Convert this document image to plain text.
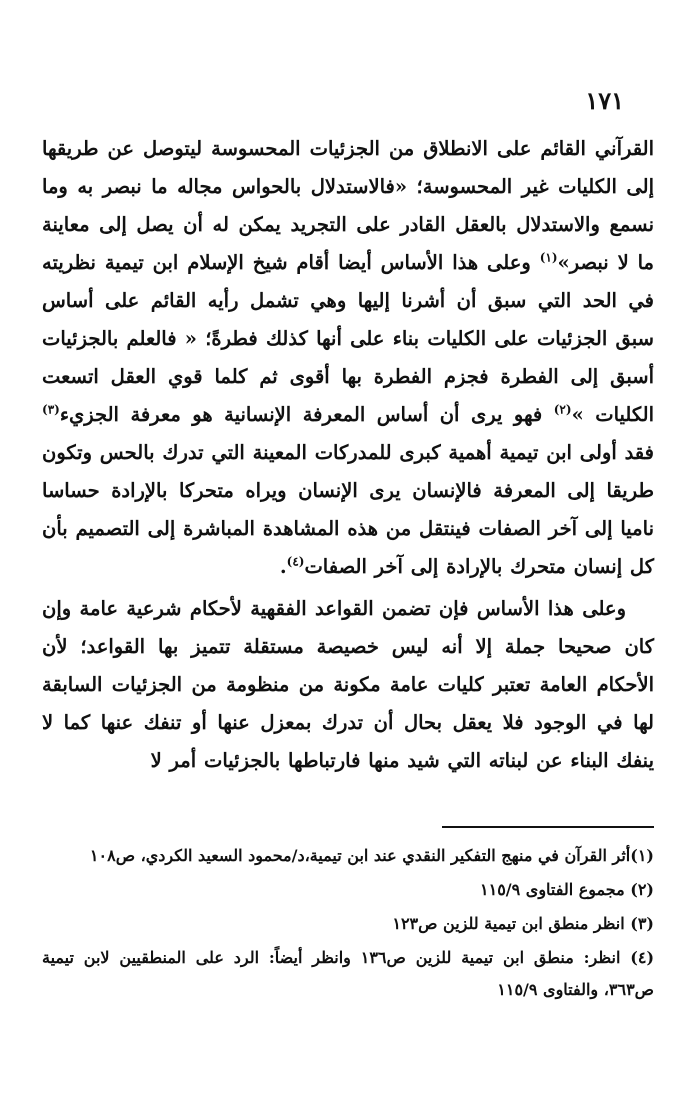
١٧١

القرآني القائم على الانطلاق من الجزئيات المحسوسة ليتوصل عن طريقها إلى الكليات غير المحسوسة؛ «فالاستدلال بالحواس مجاله ما نبصر به وما نسمع والاستدلال بالعقل القادر على التجريد يمكن له أن يصل إلى معاينة ما لا نبصر»$^{(١)}$ وعلى هذا الأساس أيضا أقام شيخ الإسلام ابن تيمية نظريته في الحد التي سبق أن أشرنا إليها وهي تشمل رأيه القائم على أساس سبق الجزئيات على الكليات بناء على أنها كذلك فطرةً؛ « فالعلم بالجزئيات أسبق إلى الفطرة فجزم الفطرة بها أقوى ثم كلما قوي العقل اتسعت الكليات »$^{(٢)}$ فهو يرى أن أساس المعرفة الإنسانية هو معرفة الجزيء$^{(٣)}$ فقد أولى ابن تيمية أهمية كبرى للمدركات المعينة التي تدرك بالحس وتكون طريقا إلى المعرفة فالإنسان يرى الإنسان ويراه متحركا بالإرادة حساسا ناميا إلى آخر الصفات فينتقل من هذه المشاهدة المباشرة إلى التصميم بأن كل إنسان متحرك بالإرادة إلى آخر الصفات$^{(٤)}$.

وعلى هذا الأساس فإن تضمن القواعد الفقهية لأحكام شرعية عامة وإن كان صحيحا جملة إلا أنه ليس خصيصة مستقلة تتميز بها القواعد؛ لأن الأحكام العامة تعتبر كليات عامة مكونة من منظومة من الجزئيات السابقة لها في الوجود فلا يعقل بحال أن تدرك بمعزل عنها أو تنفك عنها كما لا ينفك البناء عن لبناته التي شيد منها فارتباطها بالجزئيات أمر لا

(١)أثر القرآن في منهج التفكير النقدي عند ابن تيمية،د/محمود السعيد الكردي، ص١٠٨

(٢) مجموع الفتاوى ١١٥/٩

(٣) انظر منطق ابن تيمية للزين ص١٢٣

(٤) انظر: منطق ابن تيمية للزين ص١٣٦ وانظر أيضاً: الرد على المنطقيين لابن تيمية ص٣٦٣، والفتاوى ١١٥/٩
